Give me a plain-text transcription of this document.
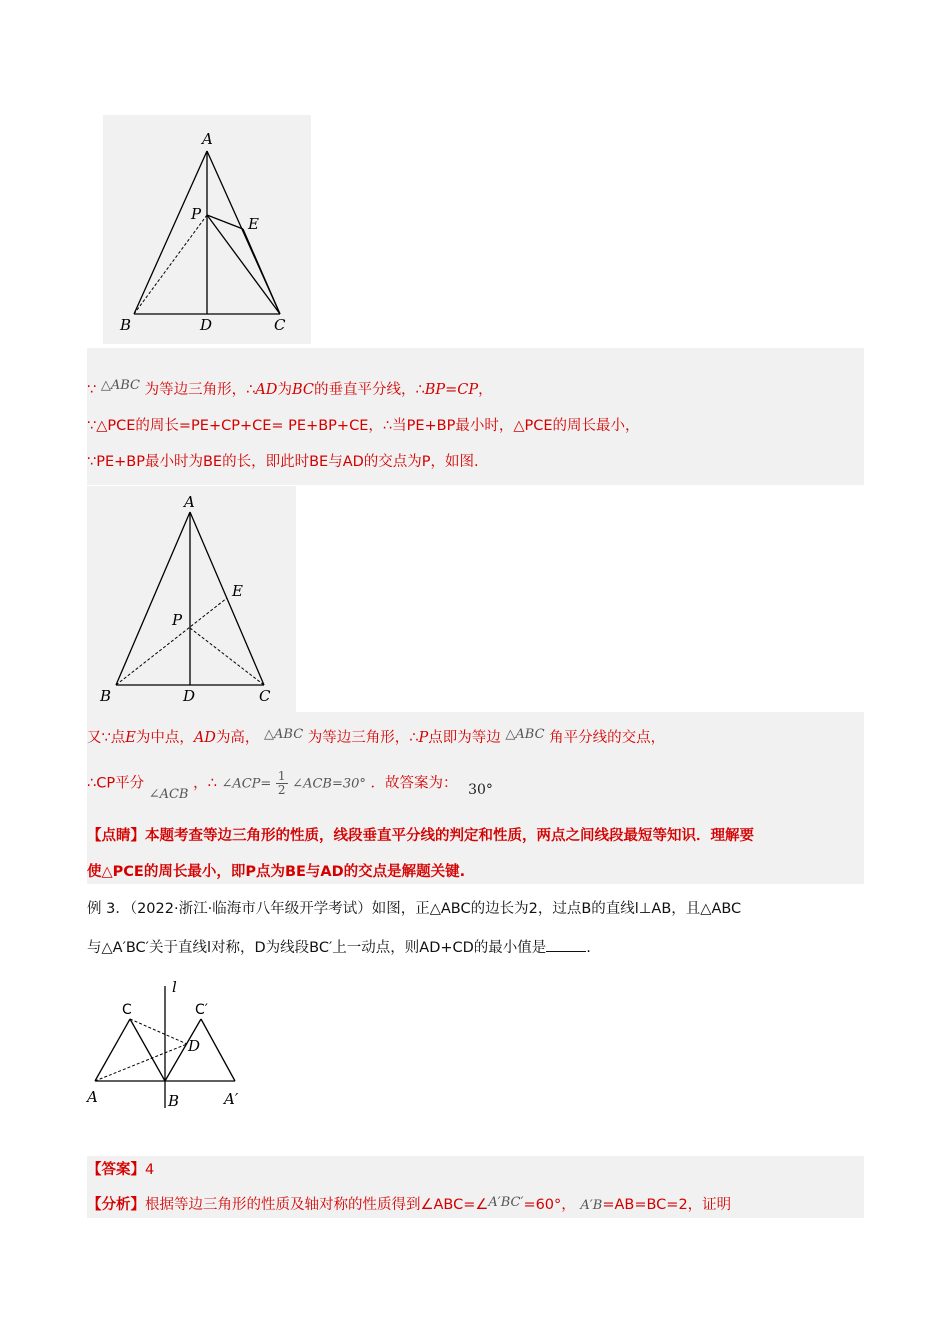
A
B	C
D
P
E
∵ △ABC 为等边三角形，∴AD为BC的垂直平分线，∴BP=CP，
∵△PCE的周长=PE+CP+CE= PE+BP+CE，∴当PE+BP最小时，△PCE的周长最小，
∵PE+BP最小时为BE的长，即此时BE与AD的交点为P，如图.
A
B	C
D
P
E
又∵点E为中点，AD为高， △ABC 为等边三角形，∴P点即为等边 △ABC 角平分线的交点，
∴CP平分 ∠ACB ，∴ ∠ACP= $\frac{1}{2}$ ∠ACB=30° ．故答案为： 30°
【点睛】本题考查等边三角形的性质，线段垂直平分线的判定和性质，两点之间线段最短等知识．理解要
使△PCE的周长最小，即P点为BE与AD的交点是解题关键.
例 3．（2022·浙江·临海市八年级开学考试）如图，正△ABC的边长为2，过点B的直线l⊥AB，且△ABC
与△A′BC′关于直线l对称，D为线段BC′上一动点，则AD+CD的最小值是	.
l
C	C′
D
A	B	A′
【答案】4
【分析】根据等边三角形的性质及轴对称的性质得到∠ABC=∠A′BC′=60°， A′B=AB=BC=2，证明
